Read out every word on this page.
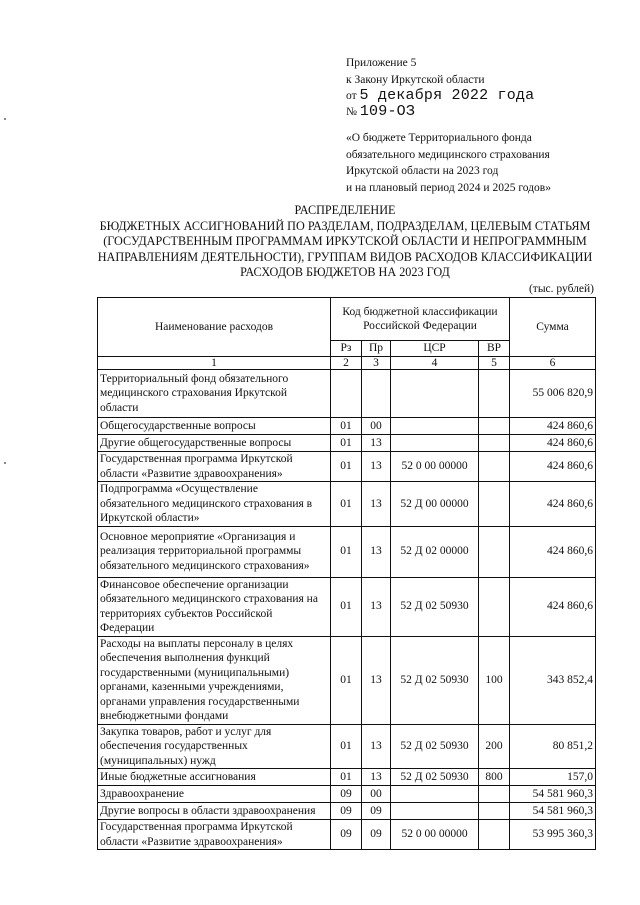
Приложение 5
к Закону Иркутской области
от 5 декабря 2022 года
№ 109-ОЗ
«О бюджете Территориального фонда
обязательного медицинского страхования
Иркутской области на 2023 год
и на плановый период 2024 и 2025 годов»
РАСПРЕДЕЛЕНИЕ
БЮДЖЕТНЫХ АССИГНОВАНИЙ ПО РАЗДЕЛАМ, ПОДРАЗДЕЛАМ, ЦЕЛЕВЫМ СТАТЬЯМ
(ГОСУДАРСТВЕННЫМ ПРОГРАММАМ ИРКУТСКОЙ ОБЛАСТИ И НЕПРОГРАММНЫМ
НАПРАВЛЕНИЯМ ДЕЯТЕЛЬНОСТИ), ГРУППАМ ВИДОВ РАСХОДОВ КЛАССИФИКАЦИИ
РАСХОДОВ БЮДЖЕТОВ НА 2023 ГОД
(тыс. рублей)
Наименование расходов	Код бюджетной классификации Российской Федерации				Сумма
	Рз	Пр	ЦСР	ВР	
1	2	3	4	5	6
Территориальный фонд обязательного медицинского страхования Иркутской области					55 006 820,9
Общегосударственные вопросы	01	00			424 860,6
Другие общегосударственные вопросы	01	13			424 860,6
Государственная программа Иркутской области «Развитие здравоохранения»	01	13	52 0 00 00000		424 860,6
Подпрограмма «Осуществление обязательного медицинского страхования в Иркутской области»	01	13	52 Д 00 00000		424 860,6
Основное мероприятие «Организация и реализация территориальной программы обязательного медицинского страхования»	01	13	52 Д 02 00000		424 860,6
Финансовое обеспечение организации обязательного медицинского страхования на территориях субъектов Российской Федерации	01	13	52 Д 02 50930		424 860,6
Расходы на выплаты персоналу в целях обеспечения выполнения функций государственными (муниципальными) органами, казенными учреждениями, органами управления государственными внебюджетными фондами	01	13	52 Д 02 50930	100	343 852,4
Закупка товаров, работ и услуг для обеспечения государственных (муниципальных) нужд	01	13	52 Д 02 50930	200	80 851,2
Иные бюджетные ассигнования	01	13	52 Д 02 50930	800	157,0
Здравоохранение	09	00			54 581 960,3
Другие вопросы в области здравоохранения	09	09			54 581 960,3
Государственная программа Иркутской области «Развитие здравоохранения»	09	09	52 0 00 00000		53 995 360,3
